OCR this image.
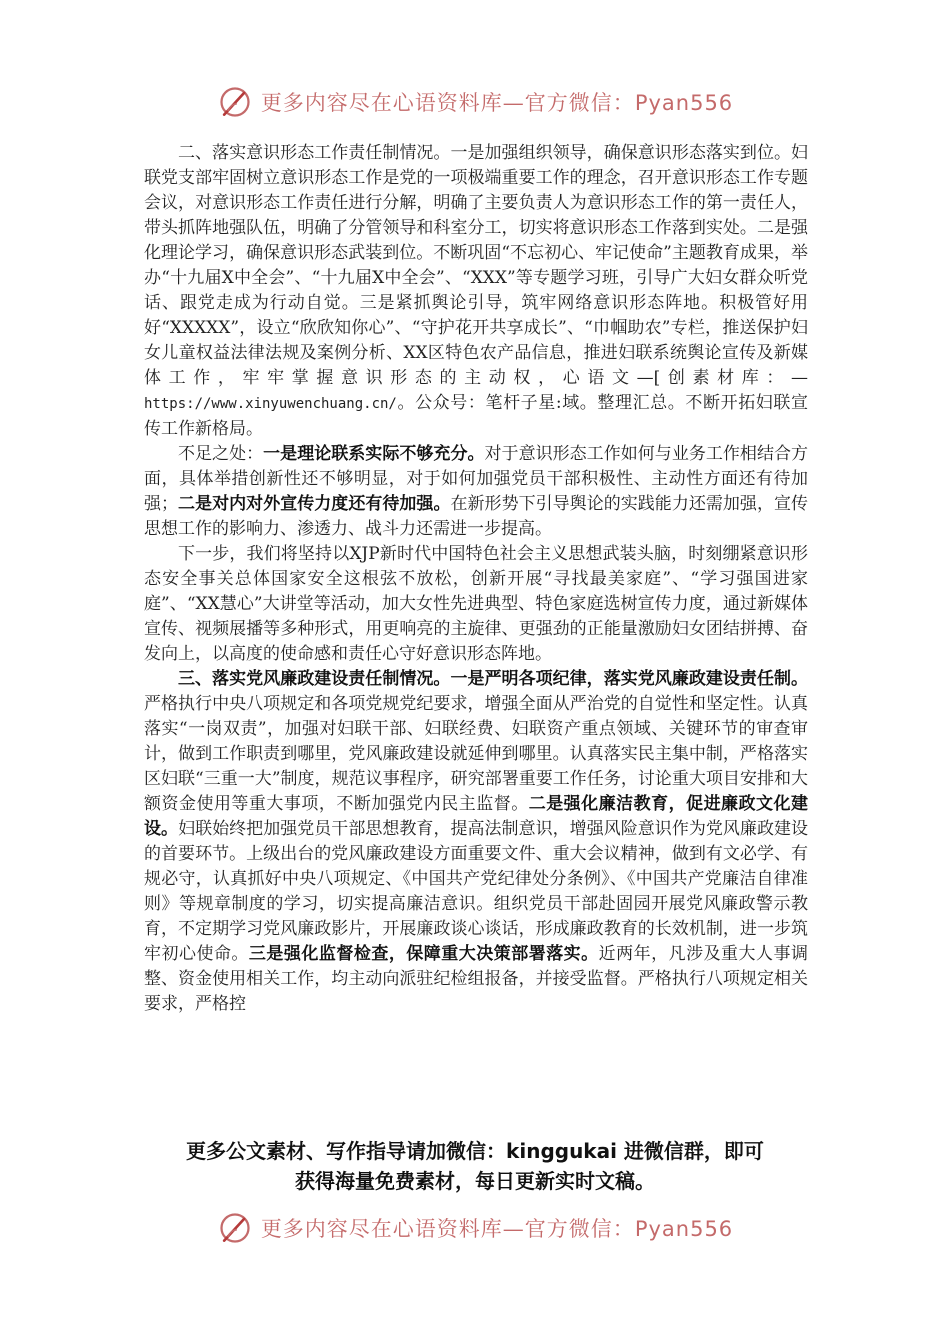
更多内容尽在心语资料库—官方微信：Pyan556

二、落实意识形态工作责任制情况。一是加强组织领导，确保意识形态落实到位。妇联党支部牢固树立意识形态工作是党的一项极端重要工作的理念，召开意识形态工作专题会议，对意识形态工作责任进行分解，明确了主要负责人为意识形态工作的第一责任人，带头抓阵地强队伍，明确了分管领导和科室分工，切实将意识形态工作落到实处。二是强化理论学习，确保意识形态武装到位。不断巩固“不忘初心、牢记使命”主题教育成果，举办“十九届X中全会”、“十九届X中全会”、“XXX”等专题学习班，引导广大妇女群众听党话、跟党走成为行动自觉。三是紧抓舆论引导，筑牢网络意识形态阵地。积极管好用好“XXXXX”，设立“欣欣知你心”、“守护花开共享成长”、“巾帼助农”专栏，推送保护妇女儿童权益法律法规及案例分析、XX区特色农产品信息，推进妇联系统舆论宣传及新媒体工作，牢牢掌握意识形态的主动权，心语文—[创素材库：—https://www.xinyuwenchuang.cn/。公众号：笔杆子星:域。整理汇总。不断开拓妇联宣传工作新格局。

不足之处：一是理论联系实际不够充分。对于意识形态工作如何与业务工作相结合方面，具体举措创新性还不够明显，对于如何加强党员干部积极性、主动性方面还有待加强；二是对内对外宣传力度还有待加强。在新形势下引导舆论的实践能力还需加强，宣传思想工作的影响力、渗透力、战斗力还需进一步提高。

下一步，我们将坚持以XJP新时代中国特色社会主义思想武装头脑，时刻绷紧意识形态安全事关总体国家安全这根弦不放松，创新开展“寻找最美家庭”、“学习强国进家庭”、“XX慧心”大讲堂等活动，加大女性先进典型、特色家庭选树宣传力度，通过新媒体宣传、视频展播等多种形式，用更响亮的主旋律、更强劲的正能量激励妇女团结拼搏、奋发向上，以高度的使命感和责任心守好意识形态阵地。

三、落实党风廉政建设责任制情况。一是严明各项纪律，落实党风廉政建设责任制。严格执行中央八项规定和各项党规党纪要求，增强全面从严治党的自觉性和坚定性。认真落实“一岗双责”，加强对妇联干部、妇联经费、妇联资产重点领域、关键环节的审查审计，做到工作职责到哪里，党风廉政建设就延伸到哪里。认真落实民主集中制，严格落实区妇联“三重一大”制度，规范议事程序，研究部署重要工作任务，讨论重大项目安排和大额资金使用等重大事项，不断加强党内民主监督。二是强化廉洁教育，促进廉政文化建设。妇联始终把加强党员干部思想教育，提高法制意识，增强风险意识作为党风廉政建设的首要环节。上级出台的党风廉政建设方面重要文件、重大会议精神，做到有文必学、有规必守，认真抓好中央八项规定、《中国共产党纪律处分条例》、《中国共产党廉洁自律准则》等规章制度的学习，切实提高廉洁意识。组织党员干部赴固园开展党风廉政警示教育，不定期学习党风廉政影片，开展廉政谈心谈话，形成廉政教育的长效机制，进一步筑牢初心使命。三是强化监督检查，保障重大决策部署落实。近两年，凡涉及重大人事调整、资金使用相关工作，均主动向派驻纪检组报备，并接受监督。严格执行八项规定相关要求，严格控

更多公文素材、写作指导请加微信：kinggukai 进微信群，即可
获得海量免费素材，每日更新实时文稿。
更多内容尽在心语资料库—官方微信：Pyan556
